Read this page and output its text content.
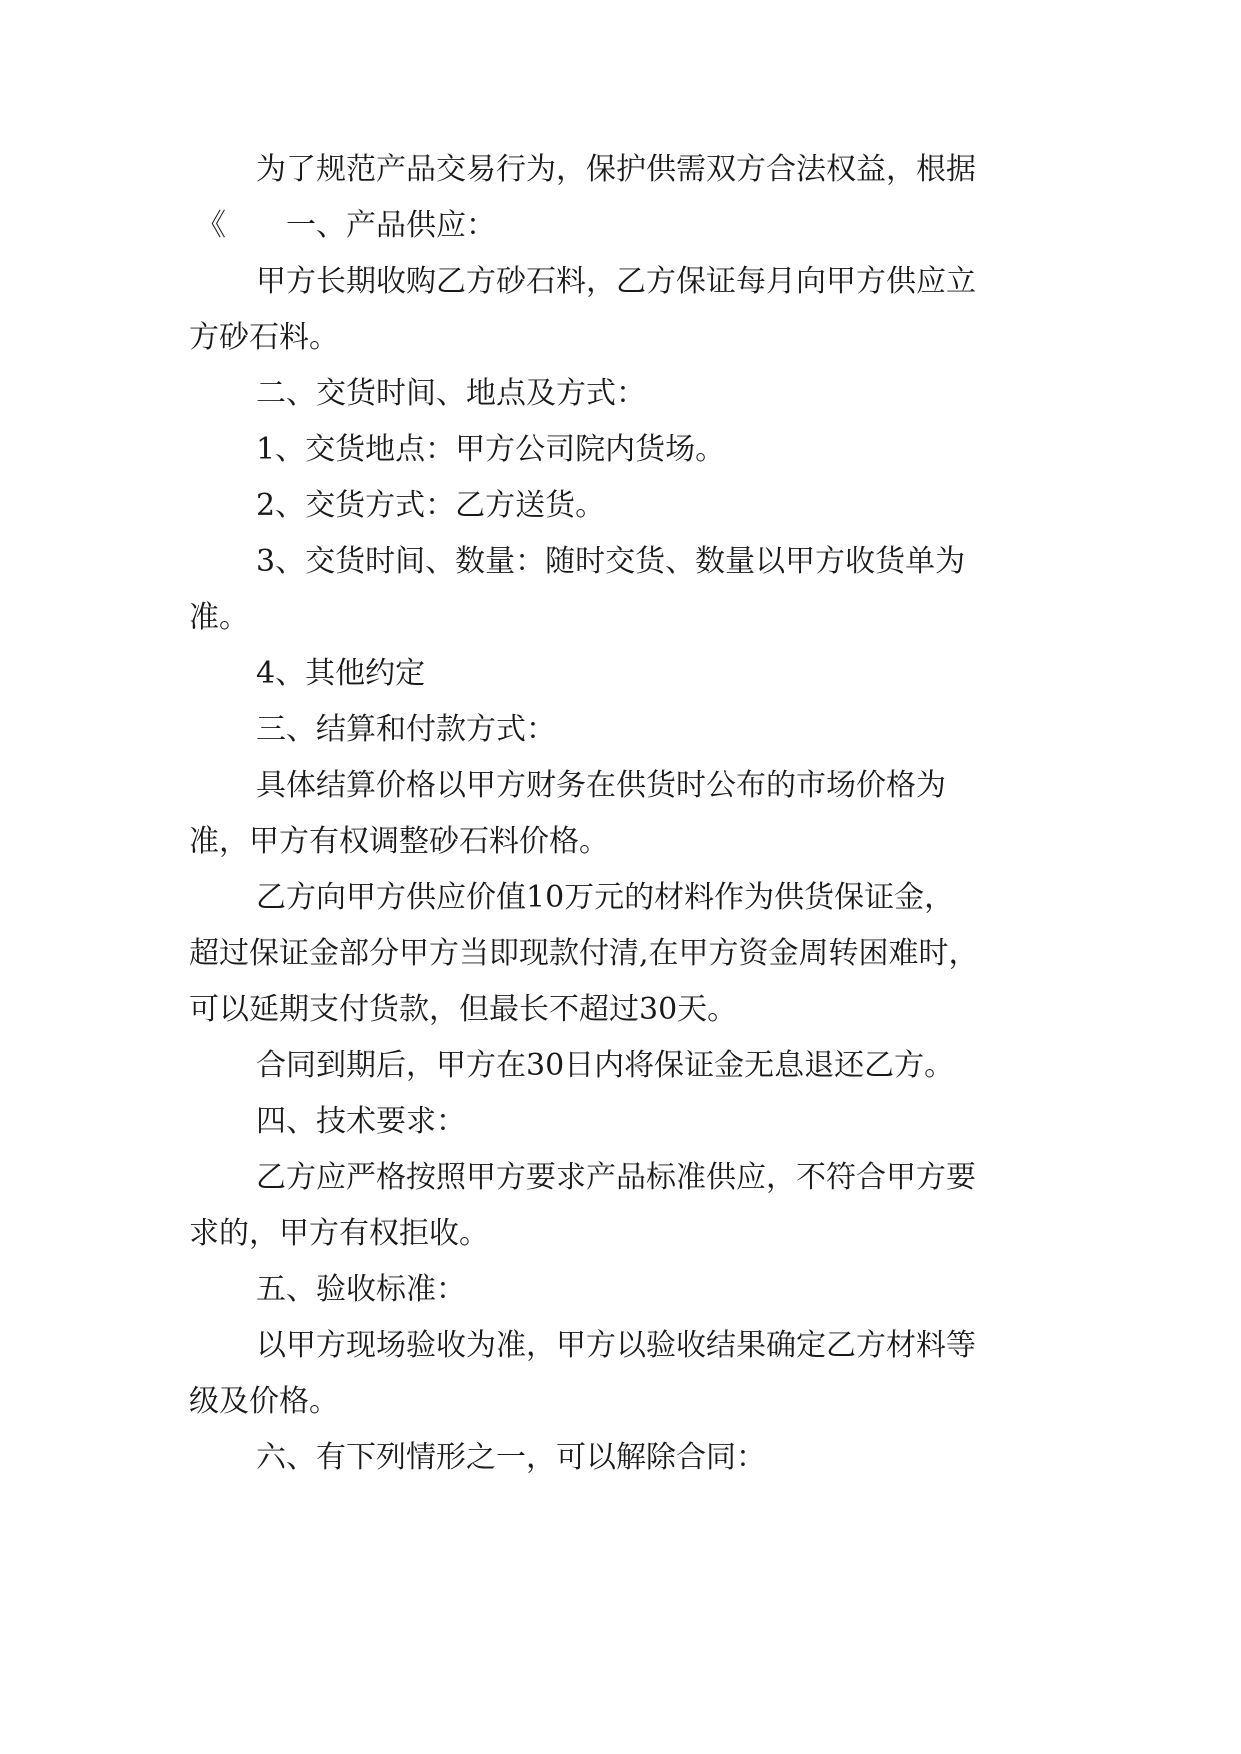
为了规范产品交易行为，保护供需双方合法权益，根据

《　　一、产品供应：

甲方长期收购乙方砂石料，乙方保证每月向甲方供应立

方砂石料。

二、交货时间、地点及方式：

1、交货地点：甲方公司院内货场。

2、交货方式：乙方送货。

3、交货时间、数量：随时交货、数量以甲方收货单为

准。

4、其他约定

三、结算和付款方式：

具体结算价格以甲方财务在供货时公布的市场价格为

准，甲方有权调整砂石料价格。

乙方向甲方供应价值10万元的材料作为供货保证金，

超过保证金部分甲方当即现款付清,在甲方资金周转困难时，

可以延期支付货款，但最长不超过30天。

合同到期后，甲方在30日内将保证金无息退还乙方。

四、技术要求：

乙方应严格按照甲方要求产品标准供应，不符合甲方要

求的，甲方有权拒收。

五、验收标准：

以甲方现场验收为准，甲方以验收结果确定乙方材料等

级及价格。

六、有下列情形之一，可以解除合同：
